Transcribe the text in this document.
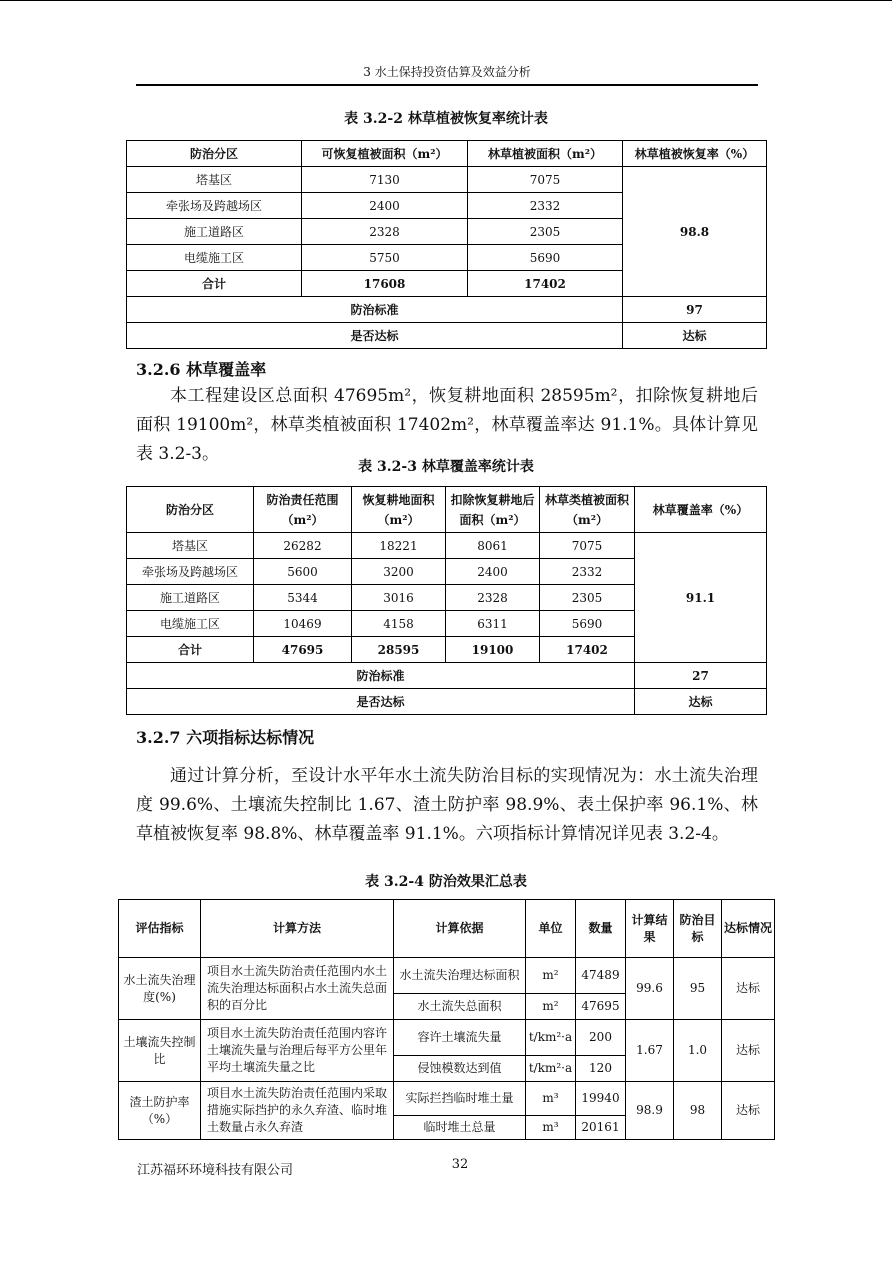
3 水土保持投资估算及效益分析
表 3.2-2 林草植被恢复率统计表
防治分区	可恢复植被面积（m²）	林草植被面积（m²）	林草植被恢复率（%）
塔基区	7130	7075	98.8
牵张场及跨越场区	2400	2332	
施工道路区	2328	2305	
电缆施工区	5750	5690	
合计	17608	17402	
防治标准			97
是否达标			达标
3.2.6 林草覆盖率

本工程建设区总面积 47695m²，恢复耕地面积 28595m²，扣除恢复耕地后面积 19100m²，林草类植被面积 17402m²，林草覆盖率达 91.1%。具体计算见表 3.2-3。

表 3.2-3 林草覆盖率统计表
防治分区	防治责任范围（m²）	恢复耕地面积（m²）	扣除恢复耕地后面积（m²）	林草类植被面积（m²）	林草覆盖率（%）
塔基区	26282	18221	8061	7075	91.1
牵张场及跨越场区	5600	3200	2400	2332	
施工道路区	5344	3016	2328	2305	
电缆施工区	10469	4158	6311	5690	
合计	47695	28595	19100	17402	
防治标准					27
是否达标					达标
3.2.7 六项指标达标情况

通过计算分析，至设计水平年水土流失防治目标的实现情况为：水土流失治理度 99.6%、土壤流失控制比 1.67、渣土防护率 98.9%、表土保护率 96.1%、林草植被恢复率 98.8%、林草覆盖率 91.1%。六项指标计算情况详见表 3.2-4。

表 3.2-4 防治效果汇总表
评估指标	计算方法	计算依据	单位	数量	计算结果	防治目标	达标情况
水土流失治理度(%)	项目水土流失防治责任范围内水土流失治理达标面积占水土流失总面积的百分比	水土流失治理达标面积	m²	47489	99.6	95	达标
		水土流失总面积	m²	47695			
土壤流失控制比	项目水土流失防治责任范围内容许土壤流失量与治理后每平方公里年平均土壤流失量之比	容许土壤流失量	t/km²·a	200	1.67	1.0	达标
		侵蚀模数达到值	t/km²·a	120			
渣土防护率（%）	项目水土流失防治责任范围内采取措施实际挡护的永久弃渣、临时堆土数量占永久弃渣	实际拦挡临时堆土量	m³	19940	98.9	98	达标
		临时堆土总量	m³	20161			
江苏福环环境科技有限公司	32
